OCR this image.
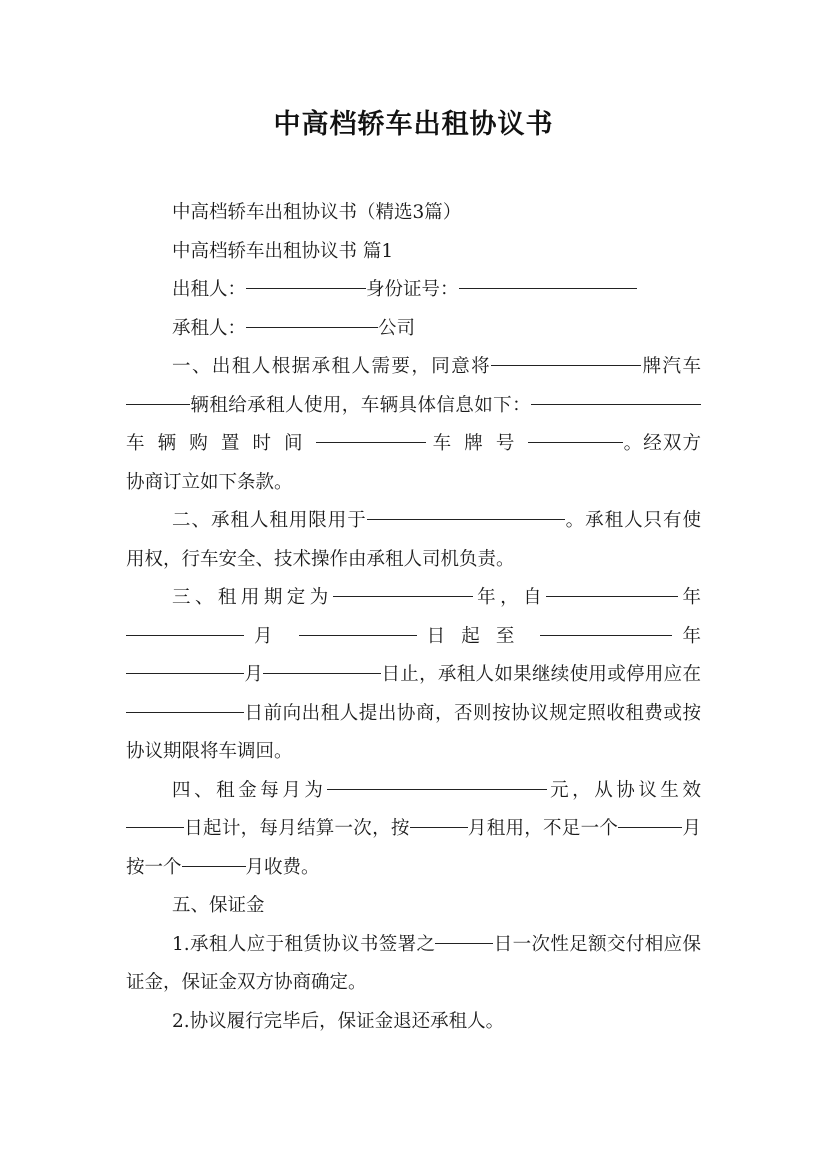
中高档轿车出租协议书

中高档轿车出租协议书（精选3篇）

中高档轿车出租协议书 篇1

出租人：	身份证号：

承租人：	公司

一、出租人根据承租人需要，同意将	牌汽车辆租给承租人使用，车辆具体信息如下： 车辆购置时间	车牌号	。经双方协商订立如下条款。

二、承租人租用限用于	。承租人只有使用权，行车安全、技术操作由承租人司机负责。

三、租用期定为	年，自	年 月	日起至	年月	日止，承租人如果继续使用或停用应在日前向出租人提出协商，否则按协议规定照收租费或按协议期限将车调回。

四、租金每月为	元，从协议生效日起计，每月结算一次，按	月租用，不足一个	月按一个	月收费。

五、保证金

1.承租人应于租赁协议书签署之	日一次性足额交付相应保证金，保证金双方协商确定。

2.协议履行完毕后，保证金退还承租人。
